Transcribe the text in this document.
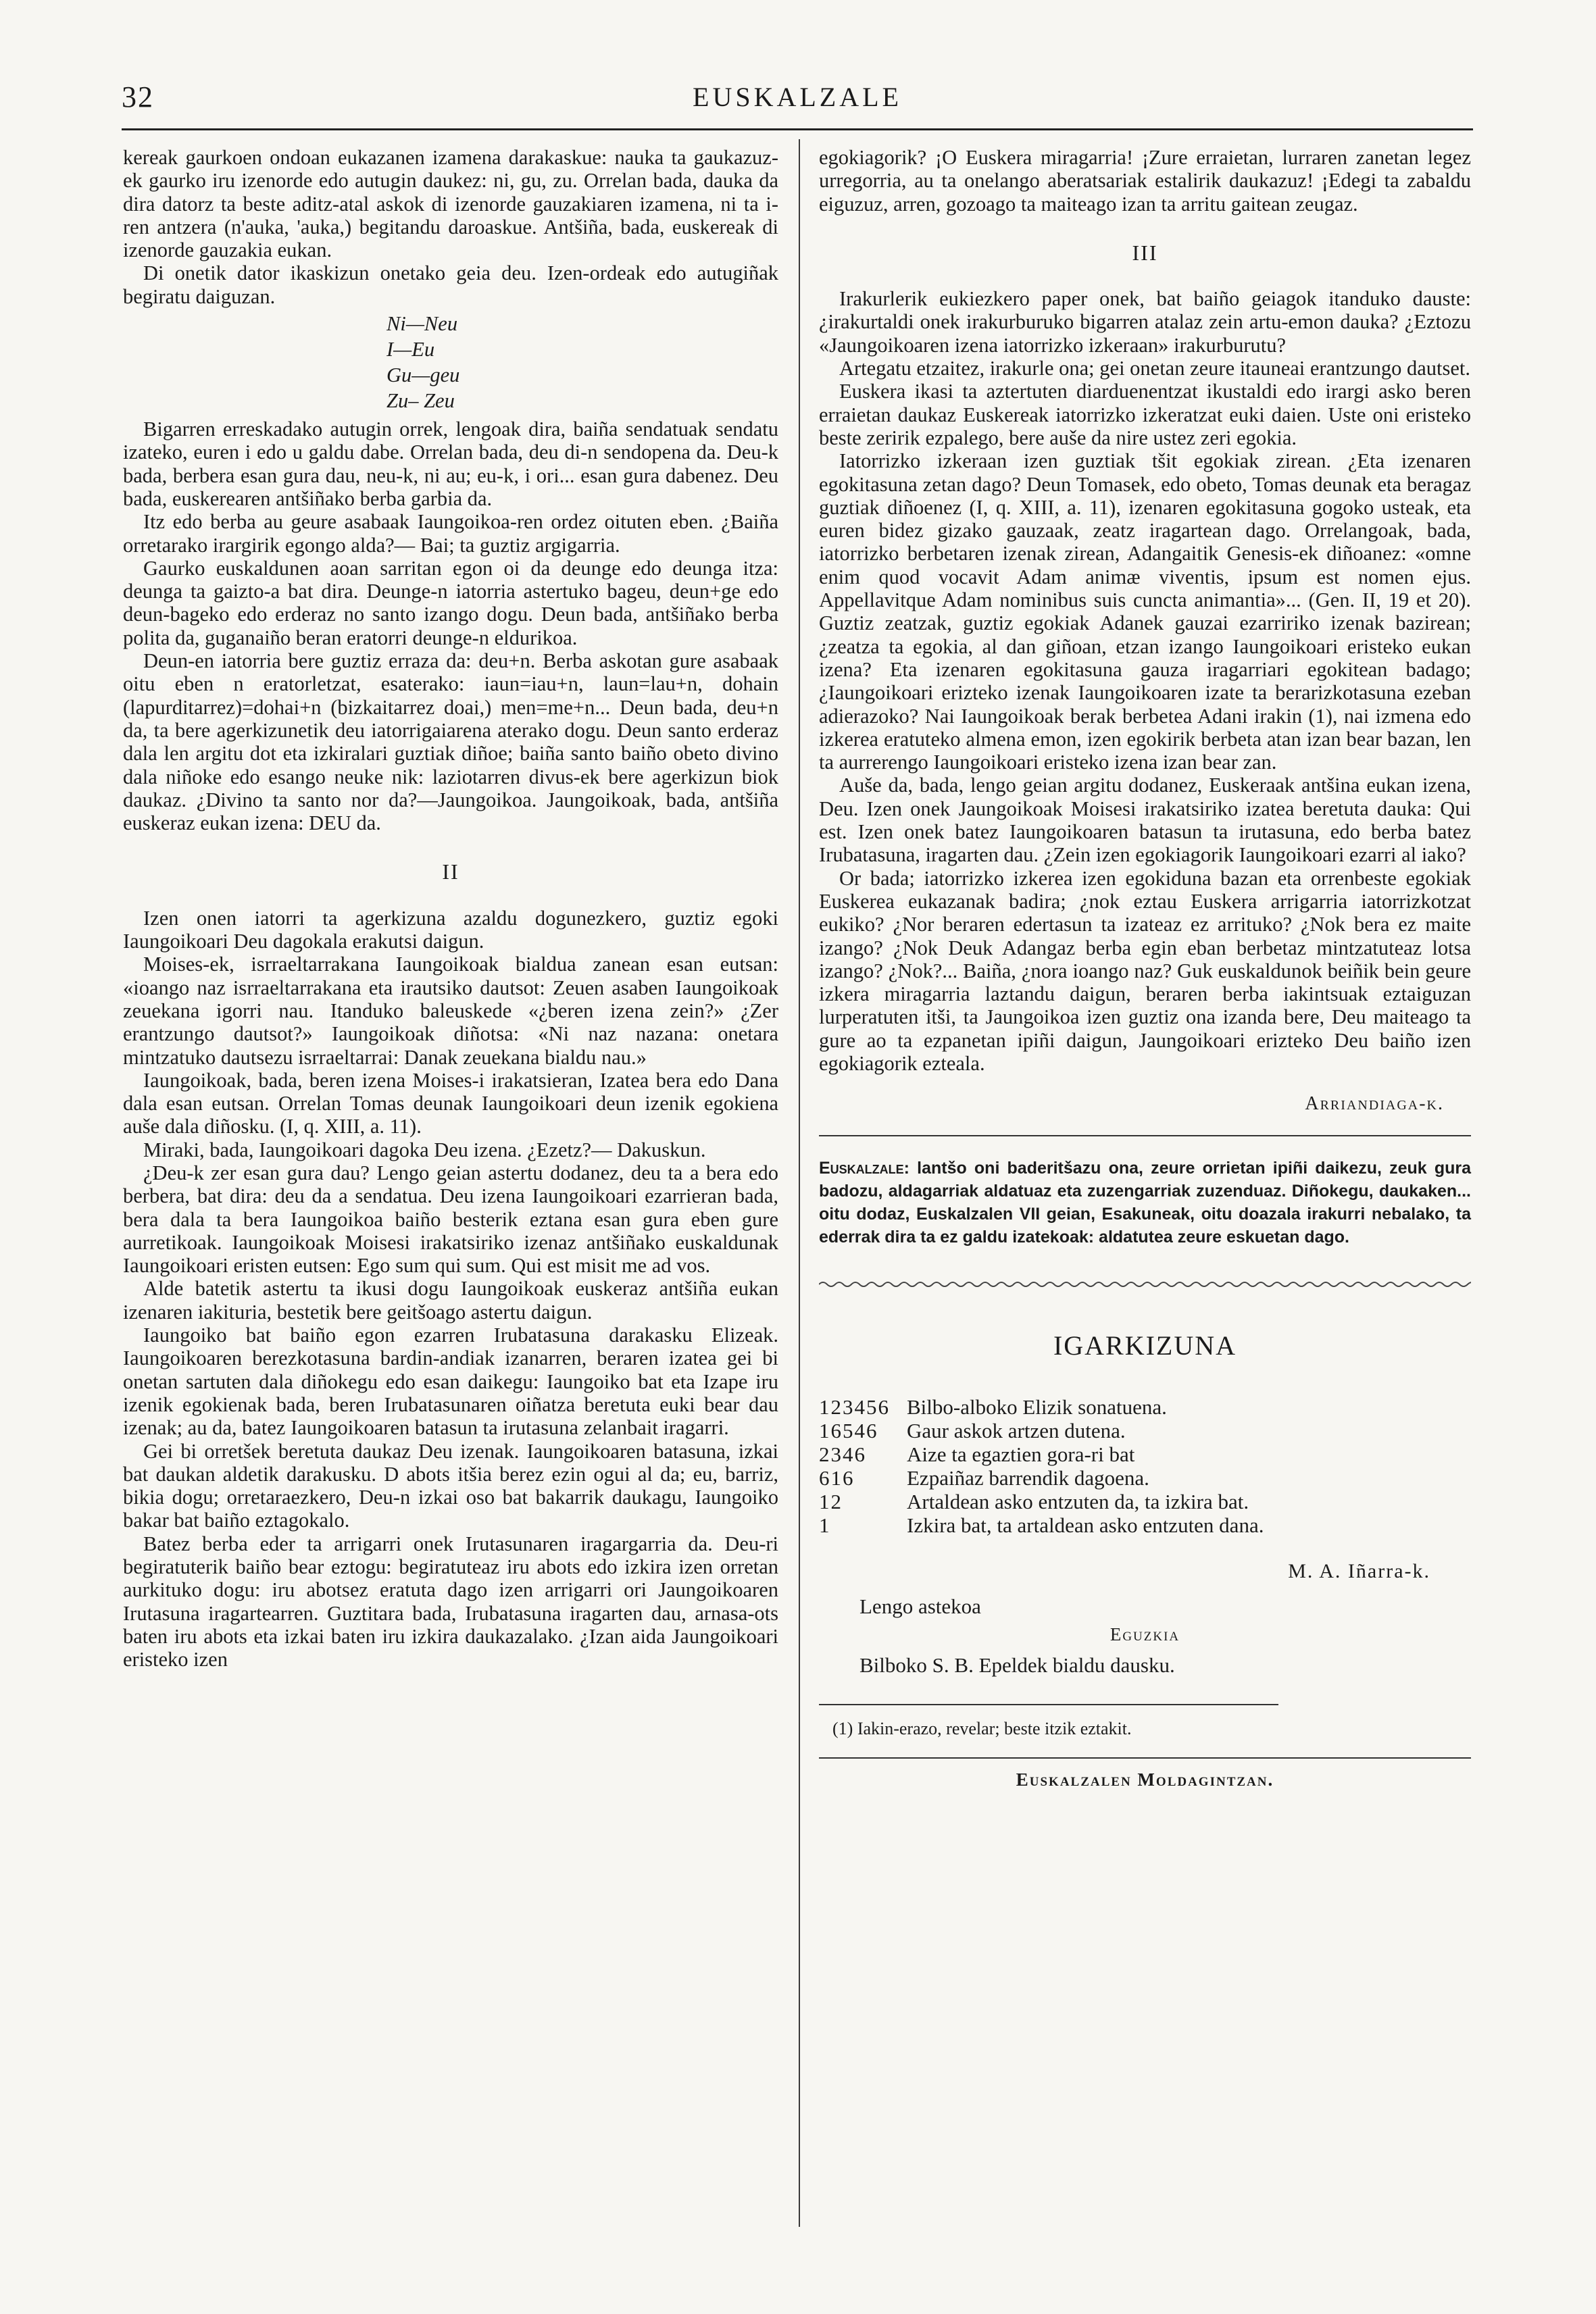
32	EUSKALZALE

kereak gaurkoen ondoan eukazanen izamena darakaskue: nauka ta gaukazuz-ek gaurko iru izenorde edo autugin daukez: ni, gu, zu. Orrelan bada, dauka da dira datorz ta beste aditz-atal askok di izenorde gauzakiaren izamena, ni ta i-ren antzera (n'auka, 'auka,) begitandu daroaskue. Antšiña, bada, euskereak di izenorde gauzakia eukan.

Di onetik dator ikaskizun onetako geia deu. Izen-ordeak edo autugiñak begiratu daiguzan.

Ni—Neu
I—Eu
Gu—geu
Zu– Zeu

Bigarren erreskadako autugin orrek, lengoak dira, baiña sendatuak sendatu izateko, euren i edo u galdu dabe. Orrelan bada, deu di-n sendopena da. Deu-k bada, berbera esan gura dau, neu-k, ni au; eu-k, i ori... esan gura dabenez. Deu bada, euskerearen antšiñako berba garbia da.

Itz edo berba au geure asabaak Iaungoikoa-ren ordez oituten eben. ¿Baiña orretarako irargirik egongo alda?— Bai; ta guztiz argigarria.

Gaurko euskaldunen aoan sarritan egon oi da deunge edo deunga itza: deunga ta gaizto-a bat dira. Deunge-n iatorria astertuko bageu, deun+ge edo deun-bageko edo erderaz no santo izango dogu. Deun bada, antšiñako berba polita da, guganaiño beran eratorri deunge-n eldurikoa.

Deun-en iatorria bere guztiz erraza da: deu+n. Berba askotan gure asabaak oitu eben n eratorletzat, esaterako: iaun=iau+n, laun=lau+n, dohain (lapurditarrez)=dohai+n (bizkaitarrez doai,) men=me+n... Deun bada, deu+n da, ta bere agerkizunetik deu iatorrigaiarena aterako dogu. Deun santo erderaz dala len argitu dot eta izkiralari guztiak diñoe; baiña santo baiño obeto divino dala niñoke edo esango neuke nik: laziotarren divus-ek bere agerkizun biok daukaz. ¿Divino ta santo nor da?—Jaungoikoa. Jaungoikoak, bada, antšiña euskeraz eukan izena: DEU da.

II

Izen onen iatorri ta agerkizuna azaldu dogunezkero, guztiz egoki Iaungoikoari Deu dagokala erakutsi daigun.

Moises-ek, isrraeltarrakana Iaungoikoak bialdua zanean esan eutsan: «ioango naz isrraeltarrakana eta irautsiko dautsot: Zeuen asaben Iaungoikoak zeuekana igorri nau. Itanduko baleuskede «¿beren izena zein?» ¿Zer erantzungo dautsot?» Iaungoikoak diñotsa: «Ni naz nazana: onetara mintzatuko dautsezu isrraeltarrai: Danak zeuekana bialdu nau.»

Iaungoikoak, bada, beren izena Moises-i irakatsieran, Izatea bera edo Dana dala esan eutsan. Orrelan Tomas deunak Iaungoikoari deun izenik egokiena auše dala diñosku. (I, q. XIII, a. 11).

Miraki, bada, Iaungoikoari dagoka Deu izena. ¿Ezetz?— Dakuskun.

¿Deu-k zer esan gura dau? Lengo geian astertu dodanez, deu ta a bera edo berbera, bat dira: deu da a sendatua. Deu izena Iaungoikoari ezarrieran bada, bera dala ta bera Iaungoikoa baiño besterik eztana esan gura eben gure aurretikoak. Iaungoikoak Moisesi irakatsiriko izenaz antšiñako euskaldunak Iaungoikoari eristen eutsen: Ego sum qui sum. Qui est misit me ad vos.

Alde batetik astertu ta ikusi dogu Iaungoikoak euskeraz antšiña eukan izenaren iakituria, bestetik bere geitšoago astertu daigun.

Iaungoiko bat baiño egon ezarren Irubatasuna darakasku Elizeak. Iaungoikoaren berezkotasuna bardin-andiak izanarren, beraren izatea gei bi onetan sartuten dala diñokegu edo esan daikegu: Iaungoiko bat eta Izape iru izenik egokienak bada, beren Irubatasunaren oiñatza beretuta euki bear dau izenak; au da, batez Iaungoikoaren batasun ta irutasuna zelanbait iragarri.

Gei bi orretšek beretuta daukaz Deu izenak. Iaungoikoaren batasuna, izkai bat daukan aldetik darakusku. D abots itšia berez ezin ogui al da; eu, barriz, bikia dogu; orretaraezkero, Deu-n izkai oso bat bakarrik daukagu, Iaungoiko bakar bat baiño eztagokalo.

Batez berba eder ta arrigarri onek Irutasunaren iragargarria da. Deu-ri begiratuterik baiño bear eztogu: begiratuteaz iru abots edo izkira izen orretan aurkituko dogu: iru abotsez eratuta dago izen arrigarri ori Jaungoikoaren Irutasuna iragartearren. Guztitara bada, Irubatasuna iragarten dau, arnasa-ots baten iru abots eta izkai baten iru izkira daukazalako. ¿Izan aida Jaungoikoari eristeko izen

egokiagorik? ¡O Euskera miragarria! ¡Zure erraietan, lurraren zanetan legez urregorria, au ta onelango aberatsariak estalirik daukazuz! ¡Edegi ta zabaldu eiguzuz, arren, gozoago ta maiteago izan ta arritu gaitean zeugaz.

III

Irakurlerik eukiezkero paper onek, bat baiño geiagok itanduko dauste: ¿irakurtaldi onek irakurburuko bigarren atalaz zein artu-emon dauka? ¿Eztozu «Jaungoikoaren izena iatorrizko izkeraan» irakurburutu?

Artegatu etzaitez, irakurle ona; gei onetan zeure itauneai erantzungo dautset.

Euskera ikasi ta aztertuten diarduenentzat ikustaldi edo irargi asko beren erraietan daukaz Euskereak iatorrizko izkeratzat euki daien. Uste oni eristeko beste zeririk ezpalego, bere auše da nire ustez zeri egokia.

Iatorrizko izkeraan izen guztiak tšit egokiak zirean. ¿Eta izenaren egokitasuna zetan dago? Deun Tomasek, edo obeto, Tomas deunak eta beragaz guztiak diñoenez (I, q. XIII, a. 11), izenaren egokitasuna gogoko usteak, eta euren bidez gizako gauzaak, zeatz iragartean dago. Orrelangoak, bada, iatorrizko berbetaren izenak zirean, Adangaitik Genesis-ek diñoanez: «omne enim quod vocavit Adam animæ viventis, ipsum est nomen ejus. Appellavitque Adam nominibus suis cuncta animantia»... (Gen. II, 19 et 20). Guztiz zeatzak, guztiz egokiak Adanek gauzai ezarririko izenak bazirean; ¿zeatza ta egokia, al dan giñoan, etzan izango Iaungoikoari eristeko eukan izena? Eta izenaren egokitasuna gauza iragarriari egokitean badago; ¿Iaungoikoari erizteko izenak Iaungoikoaren izate ta berarizkotasuna ezeban adierazoko? Nai Iaungoikoak berak berbetea Adani irakin (1), nai izmena edo izkerea eratuteko almena emon, izen egokirik berbeta atan izan bear bazan, len ta aurrerengo Iaungoikoari eristeko izena izan bear zan.

Auše da, bada, lengo geian argitu dodanez, Euskeraak antšina eukan izena, Deu. Izen onek Jaungoikoak Moisesi irakatsiriko izatea beretuta dauka: Qui est. Izen onek batez Iaungoikoaren batasun ta irutasuna, edo berba batez Irubatasuna, iragarten dau. ¿Zein izen egokiagorik Iaungoikoari ezarri al iako?

Or bada; iatorrizko izkerea izen egokiduna bazan eta orrenbeste egokiak Euskerea eukazanak badira; ¿nok eztau Euskera arrigarria iatorrizkotzat eukiko? ¿Nor beraren edertasun ta izateaz ez arrituko? ¿Nok bera ez maite izango? ¿Nok Deuk Adangaz berba egin eban berbetaz mintzatuteaz lotsa izango? ¿Nok?... Baiña, ¿nora ioango naz? Guk euskaldunok beiñik bein geure izkera miragarria laztandu daigun, beraren berba iakintsuak eztaiguzan lurperatuten itši, ta Jaungoikoa izen guztiz ona izanda bere, Deu maiteago ta gure ao ta ezpanetan ipiñi daigun, Jaungoikoari erizteko Deu baiño izen egokiagorik ezteala.

Arriandiaga-k.
Euskalzale: lantšo oni baderitšazu ona, zeure orrietan ipiñi daikezu, zeuk gura badozu, aldagarriak aldatuaz eta zuzengarriak zuzenduaz. Diñokegu, daukaken... oitu dodaz, Euskalzalen VII geian, Esakuneak, oitu doazala irakurri nebalako, ta ederrak dira ta ez galdu izatekoak: aldatutea zeure eskuetan dago.
IGARKIZUNA
123456 Bilbo-alboko Elizik sonatuena.
16546	Gaur askok artzen dutena.
2346	Aize ta egaztien gora-ri bat
616	Ezpaiñaz barrendik dagoena.
12	Artaldean asko entzuten da, ta izkira bat.
1	Izkira bat, ta artaldean asko entzuten dana.
M. A. Iñarra-k.
Lengo astekoa
Eguzkia
Bilboko S. B. Epeldek bialdu dausku.
(1) Iakin-erazo, revelar; beste itzik eztakit.
Euskalzalen Moldagintzan.
